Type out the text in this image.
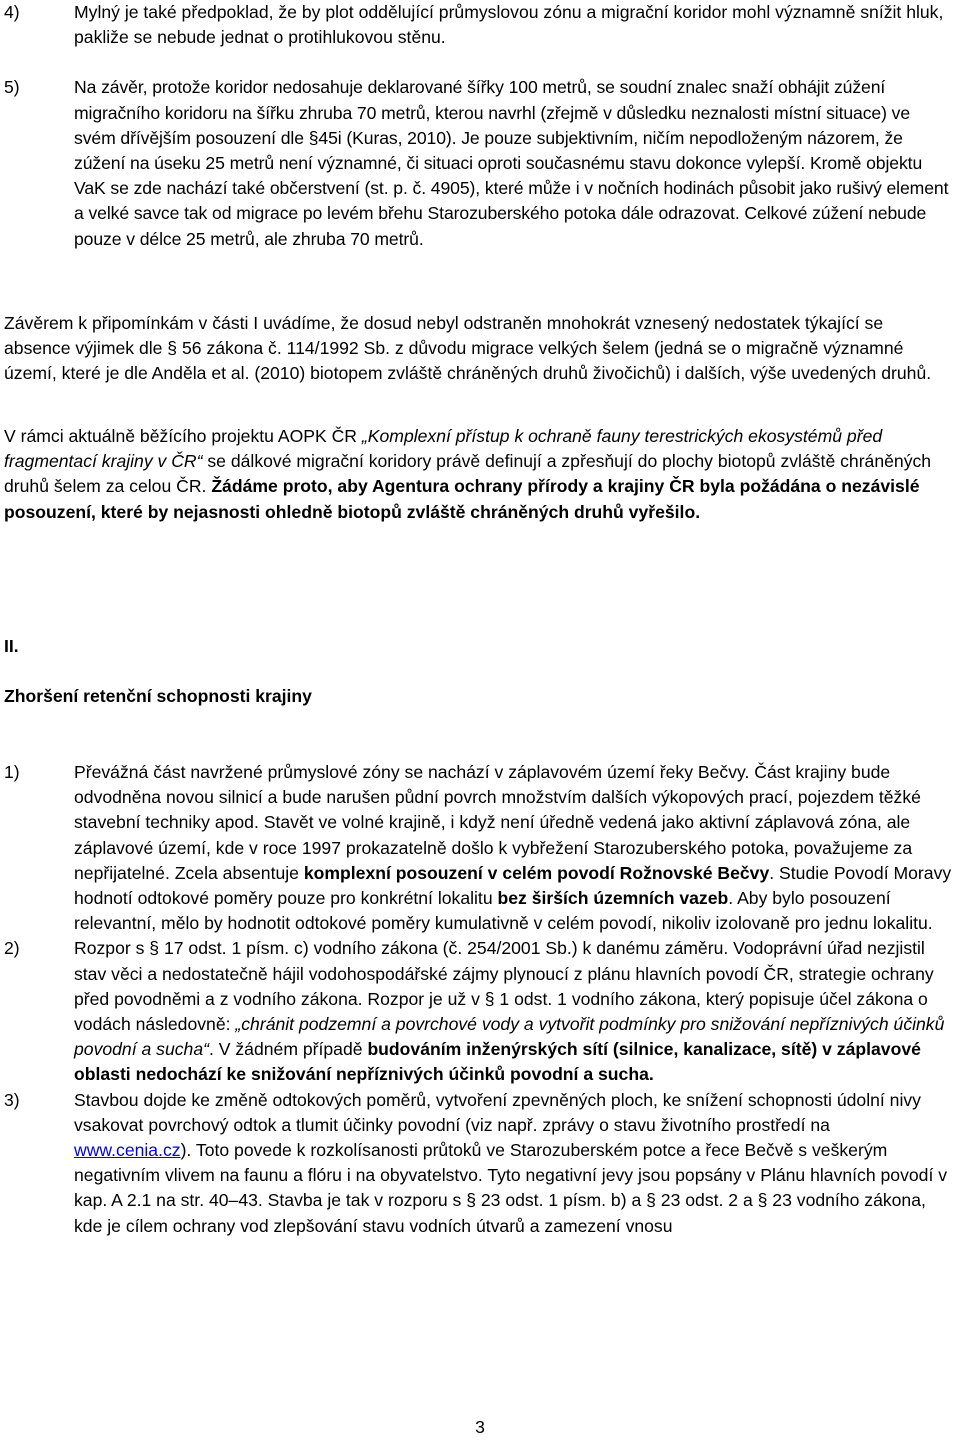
4)	Mylný je také předpoklad, že by plot oddělující průmyslovou zónu a migrační koridor mohl významně snížit hluk, pakliže se nebude jednat o protihlukovou stěnu.
5)	Na závěr, protože koridor nedosahuje deklarované šířky 100 metrů, se soudní znalec snaží obhájit zúžení migračního koridoru na šířku zhruba 70 metrů, kterou navrhl (zřejmě v důsledku neznalosti místní situace) ve svém dřívějším posouzení dle §45i (Kuras, 2010). Je pouze subjektivním, ničím nepodloženým názorem, že zúžení na úseku 25 metrů není významné, či situaci oproti současnému stavu dokonce vylepší. Kromě objektu VaK se zde nachází také občerstvení (st. p. č. 4905), které může i v nočních hodinách působit jako rušivý element a velké savce tak od migrace po levém břehu Starozuberského potoka dále odrazovat. Celkové zúžení nebude pouze v délce 25 metrů, ale zhruba 70 metrů.
Závěrem k připomínkám v části I uvádíme, že dosud nebyl odstraněn mnohokrát vznesený nedostatek týkající se absence výjimek dle § 56 zákona č. 114/1992 Sb. z důvodu migrace velkých šelem (jedná se o migračně významné území, které je dle Anděla et al. (2010) biotopem zvláště chráněných druhů živočichů) i dalších, výše uvedených druhů.
V rámci aktuálně běžícího projektu AOPK ČR „Komplexní přístup k ochraně fauny terestrických ekosystémů před fragmentací krajiny v ČR“ se dálkové migrační koridory právě definují a zpřesňují do plochy biotopů zvláště chráněných druhů šelem za celou ČR. Žádáme proto, aby Agentura ochrany přírody a krajiny ČR byla požádána o nezávislé posouzení, které by nejasnosti ohledně biotopů zvláště chráněných druhů vyřešilo.
II.
Zhoršení retenční schopnosti krajiny
1)	Převážná část navržené průmyslové zóny se nachází v záplavovém území řeky Bečvy. Část krajiny bude odvodněna novou silnicí a bude narušen půdní povrch množstvím dalších výkopových prací, pojezdem těžké stavební techniky apod. Stavět ve volné krajině, i když není úředně vedená jako aktivní záplavová zóna, ale záplavové území, kde v roce 1997 prokazatelně došlo k vybřežení Starozuberského potoka, považujeme za nepřijatelné. Zcela absentuje komplexní posouzení v celém povodí Rožnovské Bečvy. Studie Povodí Moravy hodnotí odtokové poměry pouze pro konkrétní lokalitu bez širších územních vazeb. Aby bylo posouzení relevantní, mělo by hodnotit odtokové poměry kumulativně v celém povodí, nikoliv izolovaně pro jednu lokalitu.
2)	Rozpor s § 17 odst. 1 písm. c) vodního zákona (č. 254/2001 Sb.) k danému záměru. Vodoprávní úřad nezjistil stav věci a nedostatečně hájil vodohospodářské zájmy plynoucí z plánu hlavních povodí ČR, strategie ochrany před povodněmi a z vodního zákona. Rozpor je už v § 1 odst. 1 vodního zákona, který popisuje účel zákona o vodách následovně: „chránit podzemní a povrchové vody a vytvořit podmínky pro snižování nepříznivých účinků povodní a sucha“. V žádném případě budováním inženýrských sítí (silnice, kanalizace, sítě) v záplavové oblasti nedochází ke snižování nepříznivých účinků povodní a sucha.
3)	Stavbou dojde ke změně odtokových poměrů, vytvoření zpevněných ploch, ke snížení schopnosti údolní nivy vsakovat povrchový odtok a tlumit účinky povodní (viz např. zprávy o stavu životního prostředí na www.cenia.cz). Toto povede k rozkolísanosti průtoků ve Starozuberském potce a řece Bečvě s veškerým negativním vlivem na faunu a flóru i na obyvatelstvo. Tyto negativní jevy jsou popsány v Plánu hlavních povodí v kap. A 2.1 na str. 40–43. Stavba je tak v rozporu s § 23 odst. 1 písm. b) a § 23 odst. 2 a § 23 vodního zákona, kde je cílem ochrany vod zlepšování stavu vodních útvarů a zamezení vnosu
3
